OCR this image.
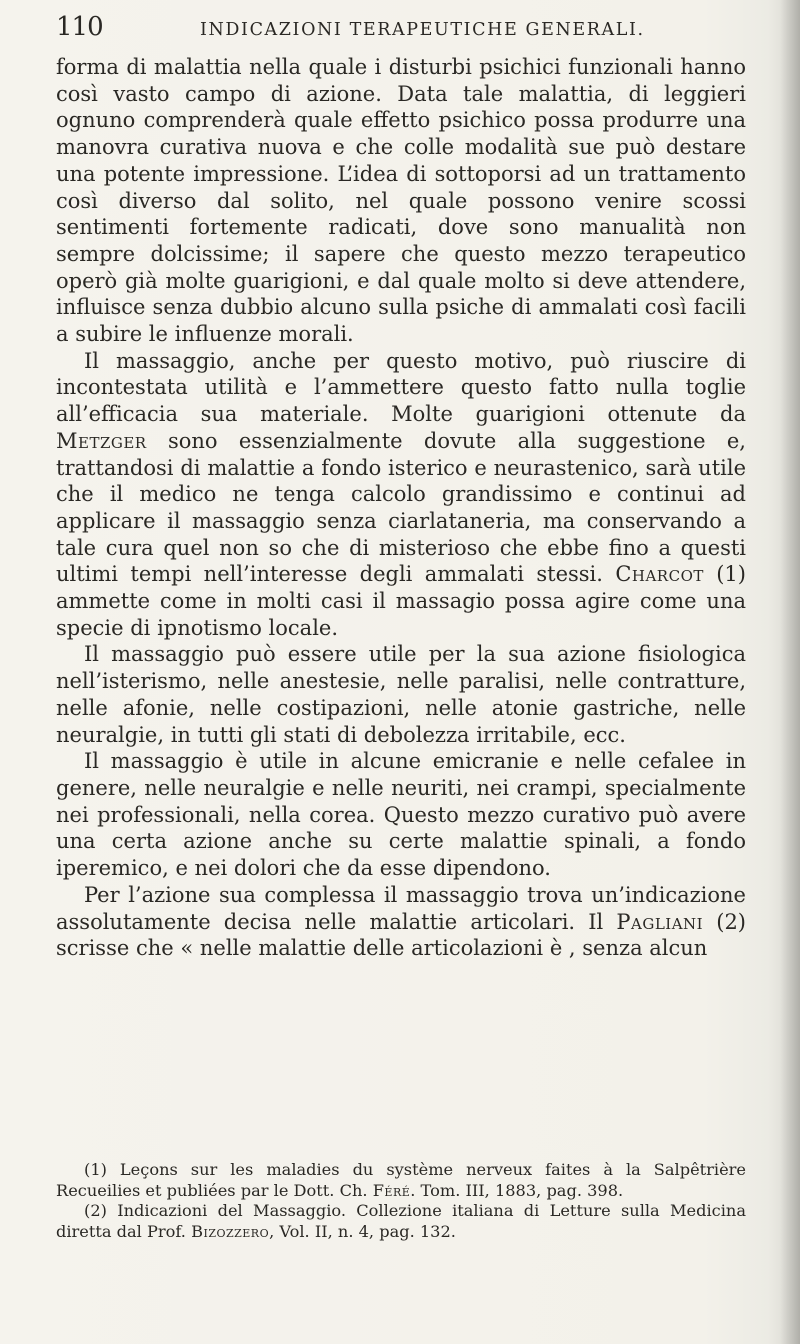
110	INDICAZIONI TERAPEUTICHE GENERALI.

forma di malattia nella quale i disturbi psichici funzionali hanno così vasto campo di azione. Data tale malattia, di leggieri ognuno comprenderà quale effetto psichico possa produrre una manovra curativa nuova e che colle modalità sue può destare una potente impressione. L’idea di sottoporsi ad un trattamento così diverso dal solito, nel quale possono venire scossi sentimenti fortemente radicati, dove sono manualità non sempre dolcissime; il sapere che questo mezzo terapeutico operò già molte guarigioni, e dal quale molto si deve attendere, influisce senza dubbio alcuno sulla psiche di ammalati così facili a subire le influenze morali.

Il massaggio, anche per questo motivo, può riuscire di incontestata utilità e l’ammettere questo fatto nulla toglie all’efficacia sua materiale. Molte guarigioni ottenute da Metzger sono essenzialmente dovute alla suggestione e, trattandosi di malattie a fondo isterico e neurastenico, sarà utile che il medico ne tenga calcolo grandissimo e continui ad applicare il massaggio senza ciarlataneria, ma conservando a tale cura quel non so che di misterioso che ebbe fino a questi ultimi tempi nell’interesse degli ammalati stessi. Charcot (1) ammette come in molti casi il massagio possa agire come una specie di ipnotismo locale.

Il massaggio può essere utile per la sua azione fisiologica nell’isterismo, nelle anestesie, nelle paralisi, nelle contratture, nelle afonie, nelle costipazioni, nelle atonie gastriche, nelle neuralgie, in tutti gli stati di debolezza irritabile, ecc.

Il massaggio è utile in alcune emicranie e nelle cefalee in genere, nelle neuralgie e nelle neuriti, nei crampi, specialmente nei professionali, nella corea. Questo mezzo curativo può avere una certa azione anche su certe malattie spinali, a fondo iperemico, e nei dolori che da esse dipendono.

Per l’azione sua complessa il massaggio trova un’indicazione assolutamente decisa nelle malattie articolari. Il Pagliani (2) scrisse che « nelle malattie delle articolazioni è , senza alcun

(1) Leçons sur les maladies du système nerveux faites à la Salpêtrière Recueilies et publiées par le Dott. Ch. Féré. Tom. III, 1883, pag. 398.

(2) Indicazioni del Massaggio. Collezione italiana di Letture sulla Medicina diretta dal Prof. Bizozzero, Vol. II, n. 4, pag. 132.
